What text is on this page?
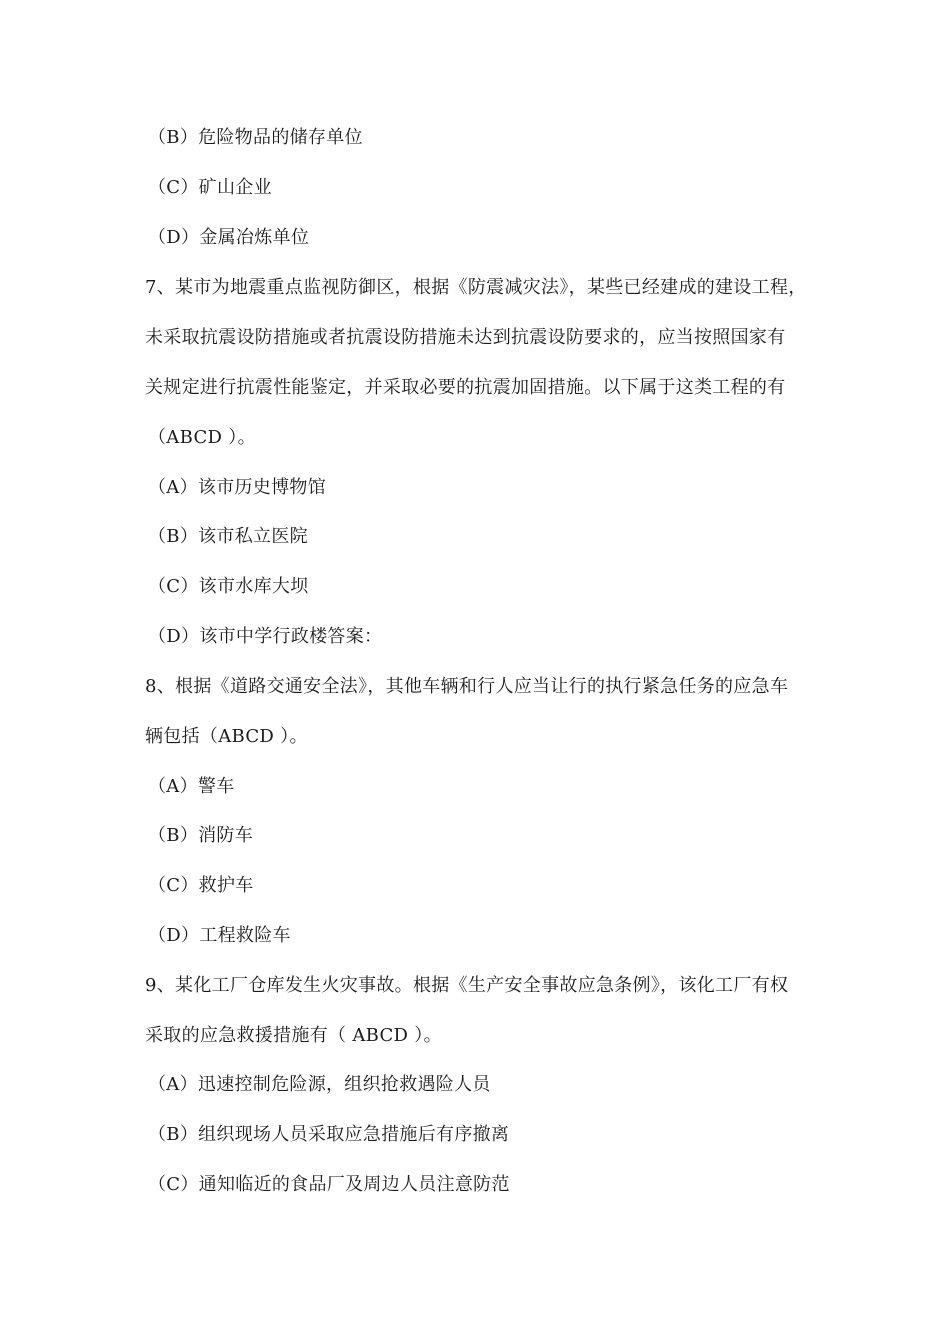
（B）危险物品的储存单位
（C）矿山企业
（D）金属冶炼单位
7、某市为地震重点监视防御区，根据《防震减灾法》，某些已经建成的建设工程，
未采取抗震设防措施或者抗震设防措施未达到抗震设防要求的，应当按照国家有
关规定进行抗震性能鉴定，并采取必要的抗震加固措施。以下属于这类工程的有
（ABCD ）。
（A）该市历史博物馆
（B）该市私立医院
（C）该市水库大坝
（D）该市中学行政楼答案：
8、根据《道路交通安全法》，其他车辆和行人应当让行的执行紧急任务的应急车
辆包括（ABCD ）。
（A）警车
（B）消防车
（C）救护车
（D）工程救险车
9、某化工厂仓库发生火灾事故。根据《生产安全事故应急条例》，该化工厂有权
采取的应急救援措施有（ ABCD ）。
（A）迅速控制危险源，组织抢救遇险人员
（B）组织现场人员采取应急措施后有序撤离
（C）通知临近的食品厂及周边人员注意防范
